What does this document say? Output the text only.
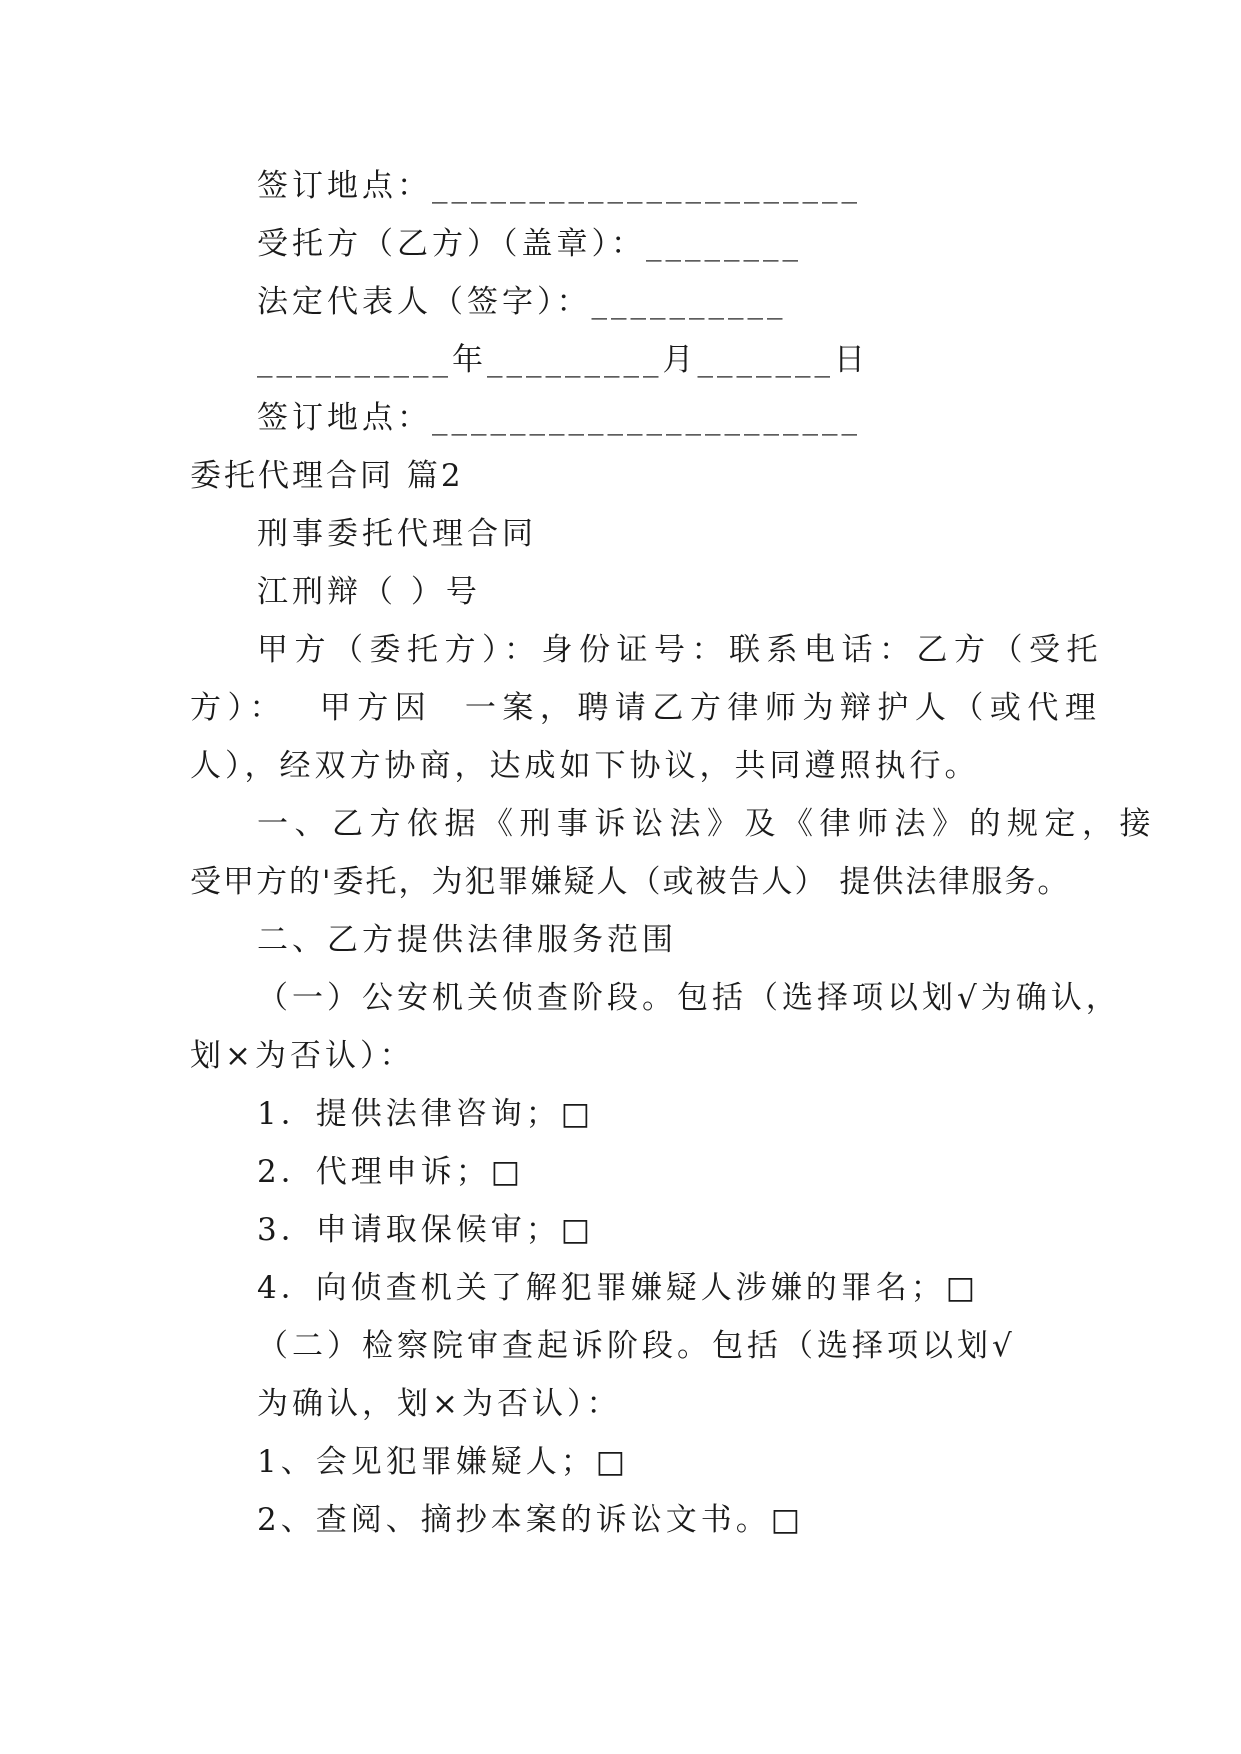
签订地点：______________________
受托方（乙方）（盖章）：________
法定代表人（签字）：__________
__________年_________月_______日
签订地点：______________________
委托代理合同 篇2
刑事委托代理合同
江刑辩（ ）号
甲方（委托方）：身份证号：联系电话：乙方（受托
方）：  甲方因  一案，聘请乙方律师为辩护人（或代理
人），经双方协商，达成如下协议，共同遵照执行。
一、乙方依据《刑事诉讼法》及《律师法》的规定，接
受甲方的'委托，为犯罪嫌疑人（或被告人） 提供法律服务。
二、乙方提供法律服务范围
（一）公安机关侦查阶段。包括（选择项以划√为确认，
划×为否认）：
1．提供法律咨询；□
2．代理申诉；□
3．申请取保候审；□
4．向侦查机关了解犯罪嫌疑人涉嫌的罪名；□
（二）检察院审查起诉阶段。包括（选择项以划√
为确认，划×为否认）：
1、会见犯罪嫌疑人；□
2、查阅、摘抄本案的诉讼文书。□
